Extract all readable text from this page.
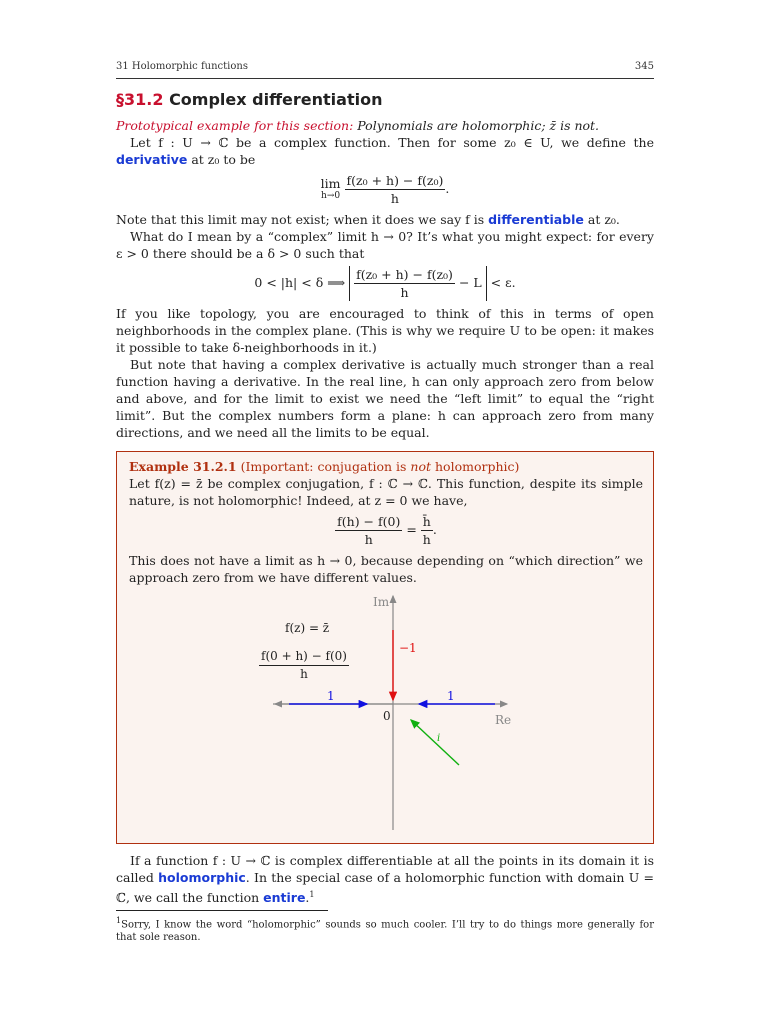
31 Holomorphic functions	345
§31.2 Complex differentiation

Prototypical example for this section: Polynomials are holomorphic; z̄ is not.

Let f : U → ℂ be a complex function. Then for some z₀ ∈ U, we define the derivative at z₀ to be

lim
h→0
$\frac{\text{f(z₀ + h) − f(z₀)}}{h}$ .

Note that this limit may not exist; when it does we say f is differentiable at z₀.

What do I mean by a “complex” limit h → 0? It’s what you might expect: for every ε > 0 there should be a δ > 0 such that

0 < |h| < δ ⟹ $\frac{\text{f(z₀ + h) − f(z₀)}}{h} - L < \varepsilon$.

If you like topology, you are encouraged to think of this in terms of open neighborhoods in the complex plane. (This is why we require U to be open: it makes it possible to take δ-neighborhoods in it.)

But note that having a complex derivative is actually much stronger than a real function having a derivative. In the real line, h can only approach zero from below and above, and for the limit to exist we need the “left limit” to equal the “right limit”. But the complex numbers form a plane: h can approach zero from many directions, and we need all the limits to be equal.

Example 31.2.1 (Important: conjugation is not holomorphic)

Let f(z) = z̄ be complex conjugation, f : ℂ → ℂ. This function, despite its simple nature, is not holomorphic! Indeed, at z = 0 we have,

$\frac{f(h) - f(0)}{h} = \frac{h̄}{h}$ .

This does not have a limit as h → 0, because depending on “which direction” we approach zero from we have different values.

Im
Re
0
f(z) = z̄
$\frac{f(0 + h) - f(0)}{h}$	−1
1	1
i

If a function f : U → ℂ is complex differentiable at all the points in its domain it is called holomorphic. In the special case of a holomorphic function with domain U = ℂ, we call the function entire.$^1$

$^1$Sorry, I know the word “holomorphic” sounds so much cooler. I’ll try to do things more generally for that sole reason.
